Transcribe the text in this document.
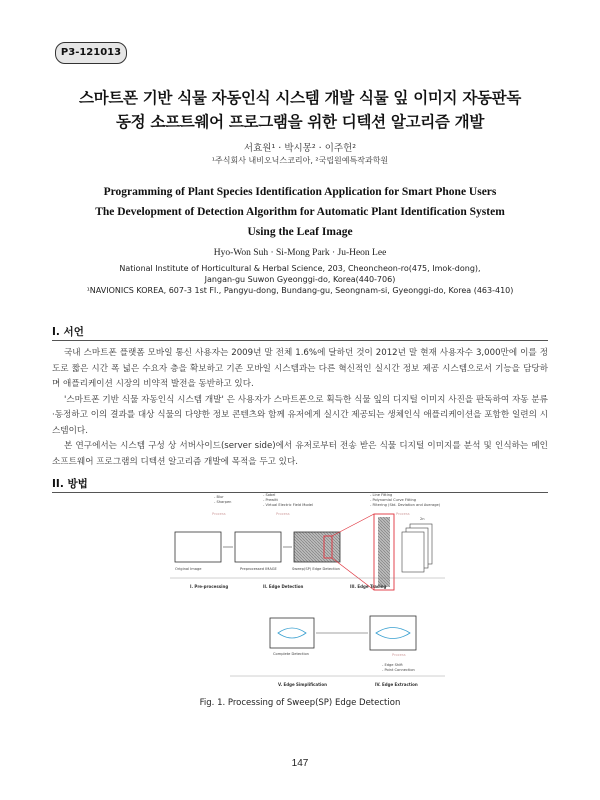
P3-121013
스마트폰 기반 식물 자동인식 시스템 개발 식물 잎 이미지 자동판독
동정 소프트웨어 프로그램을 위한 디텍션 알고리즘 개발
서효원¹ · 박시몽² · 이주헌²
¹주식회사 내비오닉스코리아, ²국립원예특작과학원
Programming of Plant Species Identification Application for Smart Phone Users
The Development of Detection Algorithm for Automatic Plant Identification System
Using the Leaf Image
Hyo-Won Suh · Si-Mong Park · Ju-Heon Lee
National Institute of Horticultural & Herbal Science, 203, Cheoncheon-ro(475, Imok-dong),
Jangan-gu Suwon Gyeonggi-do, Korea(440-706)
¹NAVIONICS KOREA, 607-3 1st Fl., Pangyu-dong, Bundang-gu, Seongnam-si, Gyeonggi-do, Korea (463-410)
I. 서언

국내 스마트폰 플랫폼 모바일 통신 사용자는 2009년 말 전체 1.6%에 달하던 것이 2012년 말 현재 사용자수 3,000만에 이를 정도로 짧은 시간 폭 넓은 수요자 층을 확보하고 기존 모바일 시스템과는 다른 혁신적인 실시간 정보 제공 시스템으로서 기능을 담당하며 애플리케이션 시장의 비약적 발전을 동반하고 있다.

'스마트폰 기반 식물 자동인식 시스템 개발' 은 사용자가 스마트폰으로 획득한 식물 잎의 디지털 이미지 사진을 판독하여 자동 분류·동정하고 이의 결과를 대상 식물의 다양한 정보 콘텐츠와 함께 유저에게 실시간 제공되는 생체인식 애플리케이션을 포함한 일련의 시스템이다.

본 연구에서는 시스템 구성 상 서버사이드(server side)에서 유저로부터 전송 받은 식물 디지털 이미지를 분석 및 인식하는 메인 소프트웨어 프로그램의 디텍션 알고리즘 개발에 목적을 두고 있다.

II. 방법
- Blur
- Sharpen
- Sobel
- Prewitt
- Virtual Electric Field Model
- Line Fitting
- Polynomial Curve Fitting
- Filtering (Std. Deviation and Average)
Process	Process	Process
2n
Original Image	Preprocessed IMAGE	Sweep(SP) Edge Detection
I. Pre-processing	II. Edge Detection	III. Edge Tracing
Complete Detection	Process
- Edge Shift
- Point Connection
V. Edge Simplification	IV. Edge Extraction
Fig. 1. Processing of Sweep(SP) Edge Detection
147
